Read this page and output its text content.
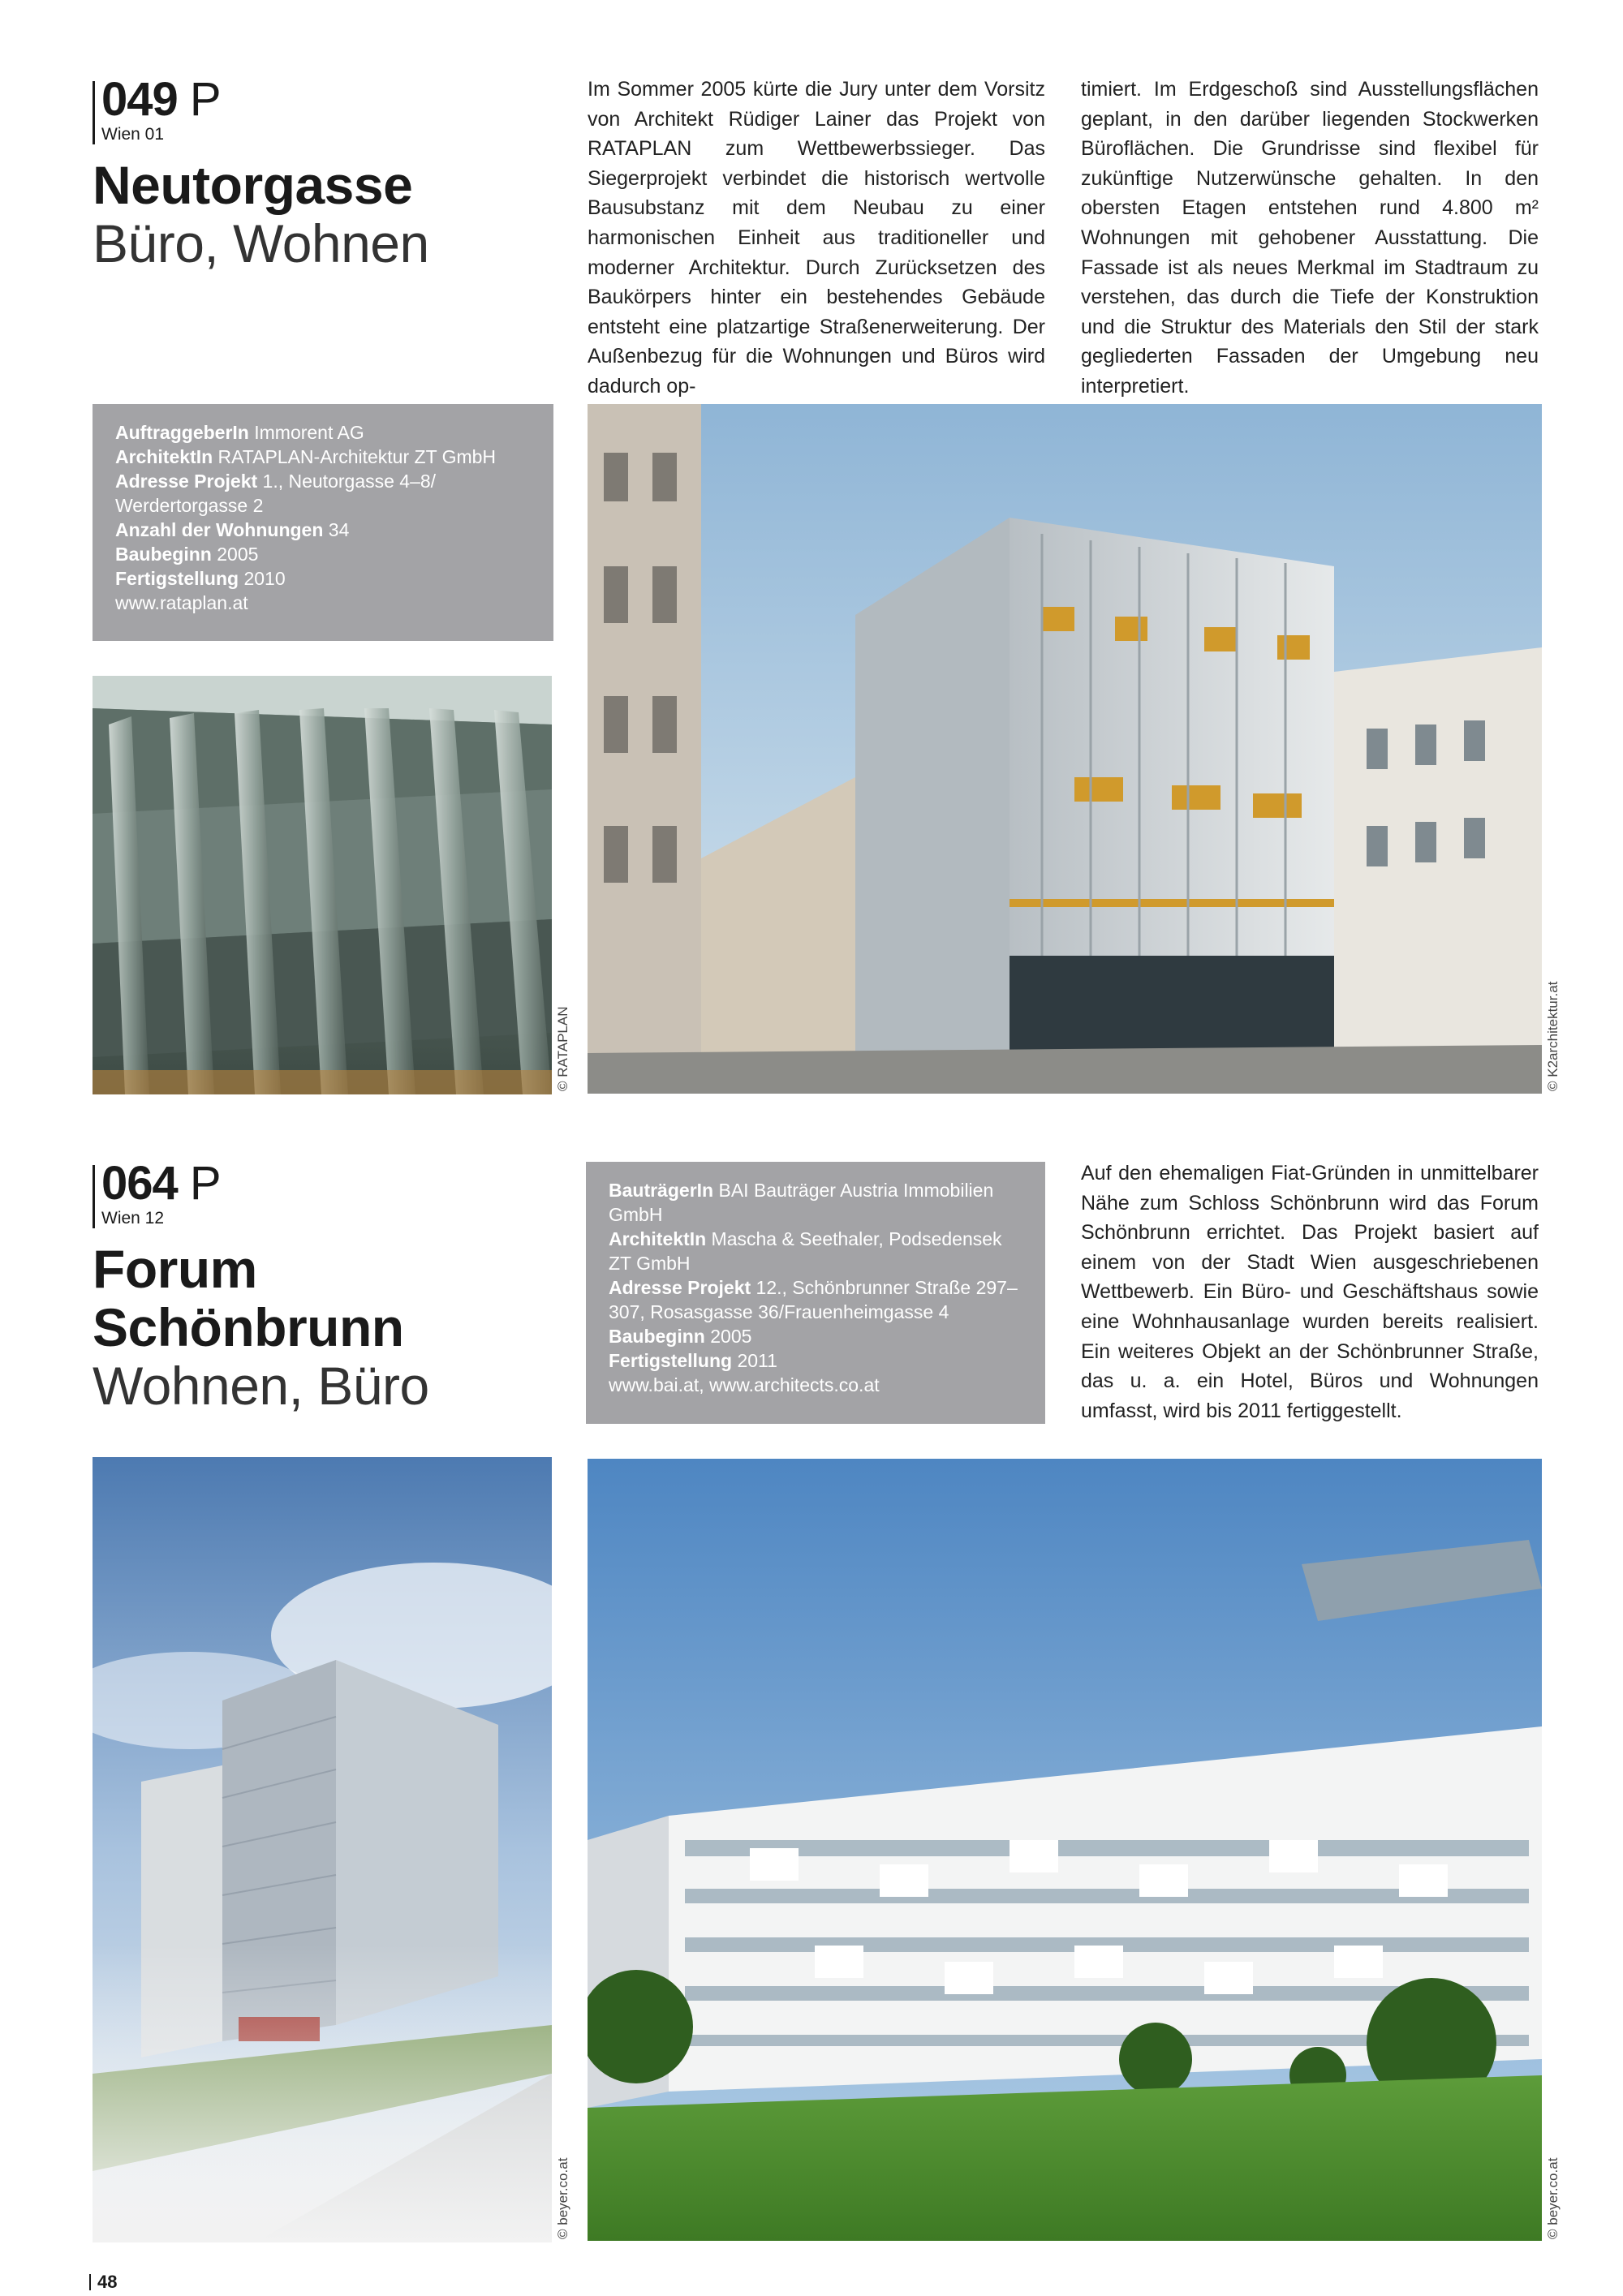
049 P
Wien 01
Neutorgasse
Büro, Wohnen
Im Sommer 2005 kürte die Jury unter dem Vorsitz von Architekt Rüdiger Lainer das Projekt von RATAPLAN zum Wettbewerbssieger. Das Siegerprojekt verbindet die historisch wertvolle Bausubstanz mit dem Neubau zu einer harmonischen Einheit aus traditioneller und moderner Architektur. Durch Zurücksetzen des Baukörpers hinter ein bestehendes Gebäude entsteht eine platzartige Straßenerweiterung. Der Außenbezug für die Wohnungen und Büros wird dadurch op-
timiert. Im Erdgeschoß sind Ausstellungsflächen geplant, in den darüber liegenden Stockwerken Büroflächen. Die Grundrisse sind flexibel für zukünftige Nutzerwünsche gehalten. In den obersten Etagen entstehen rund 4.800 m² Wohnungen mit gehobener Ausstattung. Die Fassade ist als neues Merkmal im Stadtraum zu verstehen, das durch die Tiefe der Konstruktion und die Struktur des Materials den Stil der stark gegliederten Fassaden der Umgebung neu interpretiert.
AuftraggeberIn Immorent AG
ArchitektIn RATAPLAN-Architektur ZT GmbH
Adresse Projekt 1., Neutorgasse 4–8/ Werdertorgasse 2
Anzahl der Wohnungen 34
Baubeginn 2005
Fertigstellung 2010
www.rataplan.at
© RATAPLAN	© K2architektur.at
064 P
Wien 12
Forum
Schönbrunn
Wohnen, Büro
BauträgerIn BAI Bauträger Austria Immobilien GmbH
ArchitektIn Mascha & Seethaler, Podsedensek ZT GmbH
Adresse Projekt 12., Schönbrunner Straße 297–307, Rosasgasse 36/Frauenheimgasse 4
Baubeginn 2005
Fertigstellung 2011
www.bai.at, www.architects.co.at
Auf den ehemaligen Fiat-Gründen in unmittelbarer Nähe zum Schloss Schönbrunn wird das Forum Schönbrunn errichtet. Das Projekt basiert auf einem von der Stadt Wien ausgeschriebenen Wettbewerb. Ein Büro- und Geschäftshaus sowie eine Wohnhausanlage wurden bereits realisiert. Ein weiteres Objekt an der Schönbrunner Straße, das u. a. ein Hotel, Büros und Wohnungen umfasst, wird bis 2011 fertiggestellt.
© beyer.co.at	© beyer.co.at
48
